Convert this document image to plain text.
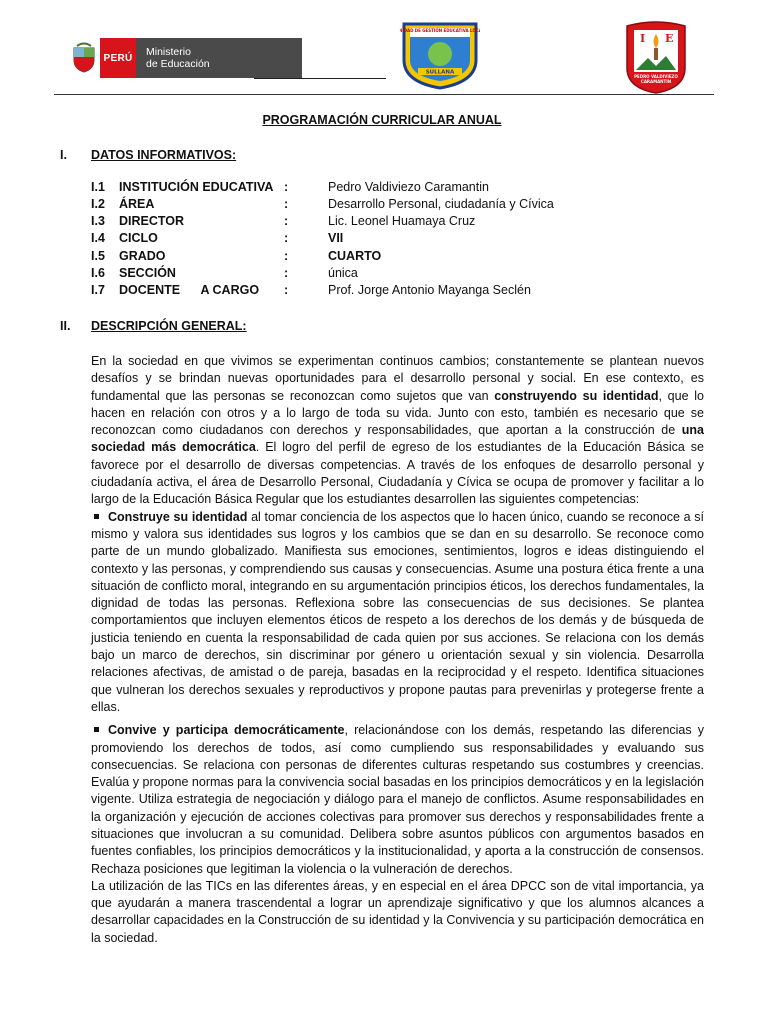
PERÚ	Ministerio
de Educación
UNIDAD DE GESTIÓN EDUCATIVA LOCAL
SULLANA
I E
PEDRO VALDIVIEZO
CARAMANTIN
PROGRAMACIÓN CURRICULAR ANUAL
I.	DATOS INFORMATIVOS:
I.1	INSTITUCIÓN EDUCATIVA :	Pedro Valdiviezo Caramantin
I.2	ÁREA	:	Desarrollo Personal, ciudadanía y Cívica
I.3	DIRECTOR	:	Lic. Leonel Huamaya Cruz
I.4	CICLO	:	VII
I.5	GRADO	:	CUARTO
I.6	SECCIÓN	:	única
I.7	DOCENTE      A CARGO	:	Prof. Jorge Antonio Mayanga Seclén
II.	DESCRIPCIÓN GENERAL:
En la sociedad en que vivimos se experimentan continuos cambios; constantemente se plantean nuevos desafíos y se brindan nuevas oportunidades para el desarrollo personal y social. En ese contexto, es fundamental que las personas se reconozcan como sujetos que van construyendo su identidad, que lo hacen en relación con otros y a lo largo de toda su vida. Junto con esto, también es necesario que se reconozcan como ciudadanos con derechos y responsabilidades, que aportan a la construcción de una sociedad más democrática. El logro del perfil de egreso de los estudiantes de la Educación Básica se favorece por el desarrollo de diversas competencias. A través de los enfoques de desarrollo personal y ciudadanía activa, el área de Desarrollo Personal, Ciudadanía y Cívica se ocupa de promover y facilitar a lo largo de la Educación Básica Regular que los estudiantes desarrollen las siguientes competencias:
Construye su identidad al tomar conciencia de los aspectos que lo hacen único, cuando se reconoce a sí mismo y valora sus identidades sus logros y los cambios que se dan en su desarrollo. Se reconoce como parte de un mundo globalizado. Manifiesta sus emociones, sentimientos, logros e ideas distinguiendo el contexto y las personas, y comprendiendo sus causas y consecuencias. Asume una postura ética frente a una situación de conflicto moral, integrando en su argumentación principios éticos, los derechos fundamentales, la dignidad de todas las personas. Reflexiona sobre las consecuencias de sus decisiones. Se plantea comportamientos que incluyen elementos éticos de respeto a los derechos de los demás y de búsqueda de justicia teniendo en cuenta la responsabilidad de cada quien por sus acciones. Se relaciona con los demás bajo un marco de derechos, sin discriminar por género u orientación sexual y sin violencia. Desarrolla relaciones afectivas, de amistad o de pareja, basadas en la reciprocidad y el respeto. Identifica situaciones que vulneran los derechos sexuales y reproductivos y propone pautas para prevenirlas y protegerse frente a ellas.
Convive y participa democráticamente, relacionándose con los demás, respetando las diferencias y promoviendo los derechos de todos, así como cumpliendo sus responsabilidades y evaluando sus consecuencias. Se relaciona con personas de diferentes culturas respetando sus costumbres y creencias. Evalúa y propone normas para la convivencia social basadas en los principios democráticos y en la legislación vigente. Utiliza estrategia de negociación y diálogo para el manejo de conflictos. Asume responsabilidades en la organización y ejecución de acciones colectivas para promover sus derechos y responsabilidades frente a situaciones que involucran a su comunidad. Delibera sobre asuntos públicos con argumentos basados en fuentes confiables, los principios democráticos y la institucionalidad, y aporta a la construcción de consensos. Rechaza posiciones que legitiman la violencia o la vulneración de derechos.
La utilización de las TICs en las diferentes áreas, y en especial en el área DPCC son de vital importancia, ya que ayudarán a manera trascendental a lograr un aprendizaje significativo y que los alumnos alcances a desarrollar capacidades en la Construcción de su identidad y la Convivencia y su participación democrática en la sociedad.
